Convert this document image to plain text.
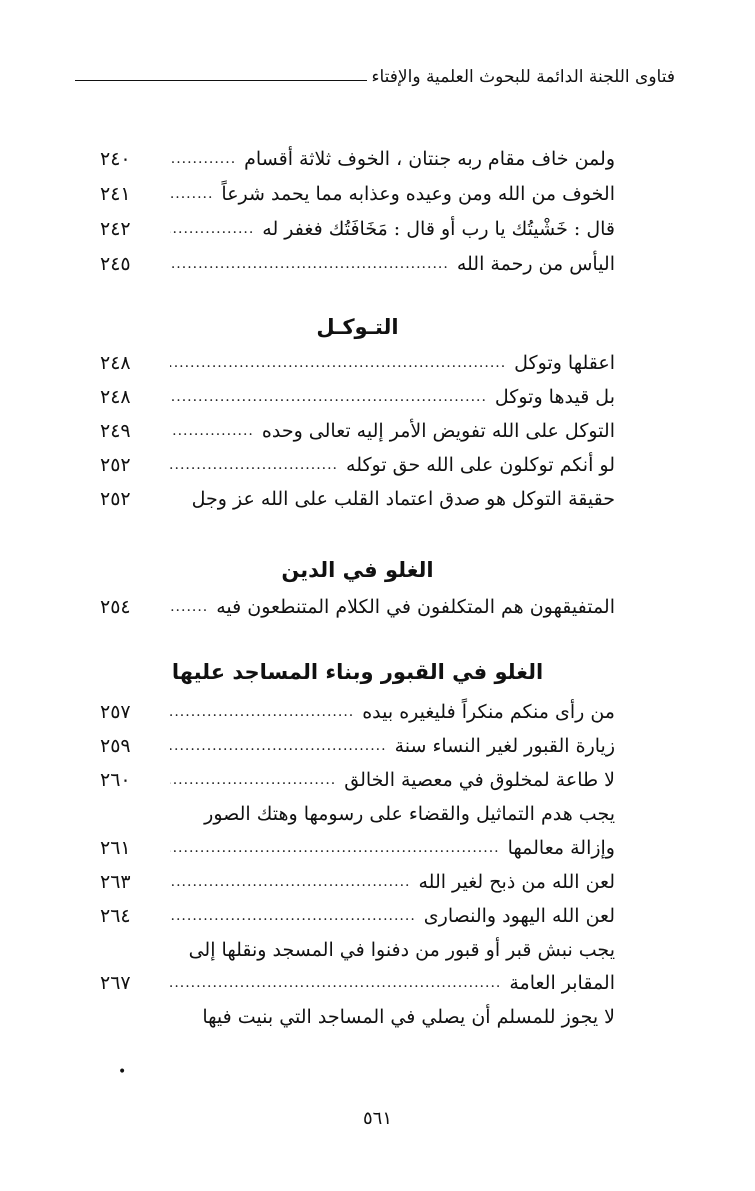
فتاوى اللجنة الدائمة للبحوث العلمية والإفتاء
ولمن خاف مقام ربه جنتان ، الخوف ثلاثة أقسام
.....
٢٤٠
الخوف من الله ومن وعيده وعذابه مما يحمد شرعاً
.....
٢٤١
قال : خَشْيتُك يا رب أو قال : مَخَافَتُك فغفر له
.....
٢٤٢
اليأس من رحمة الله
.....
٢٤٥
التـوكـل
اعقلها وتوكل
.....
٢٤٨
بل قيدها وتوكل
.....
٢٤٨
التوكل على الله تفويض الأمر إليه تعالى وحده
.....
٢٤٩
لو أنكم توكلون على الله حق توكله
.....
٢٥٢
حقيقة التوكل هو صدق اعتماد القلب على الله عز وجل
٢٥٢
الغلو في الدين
المتفيقهون هم المتكلفون في الكلام المتنطعون فيه
.....
٢٥٤
الغلو في القبور وبناء المساجد عليها
من رأى منكم منكراً فليغيره بيده
.....
٢٥٧
زيارة القبور لغير النساء سنة
.....
٢٥٩
لا طاعة لمخلوق في معصية الخالق
.....
٢٦٠
يجب هدم التماثيل والقضاء على رسومها وهتك الصور
وإزالة معالمها
.....
٢٦١
لعن الله من ذبح لغير الله
.....
٢٦٣
لعن الله اليهود والنصارى
.....
٢٦٤
يجب نبش قبر أو قبور من دفنوا في المسجد ونقلها إلى
المقابر العامة
.....
٢٦٧
لا يجوز للمسلم أن يصلي في المساجد التي بنيت فيها
•
٥٦١
